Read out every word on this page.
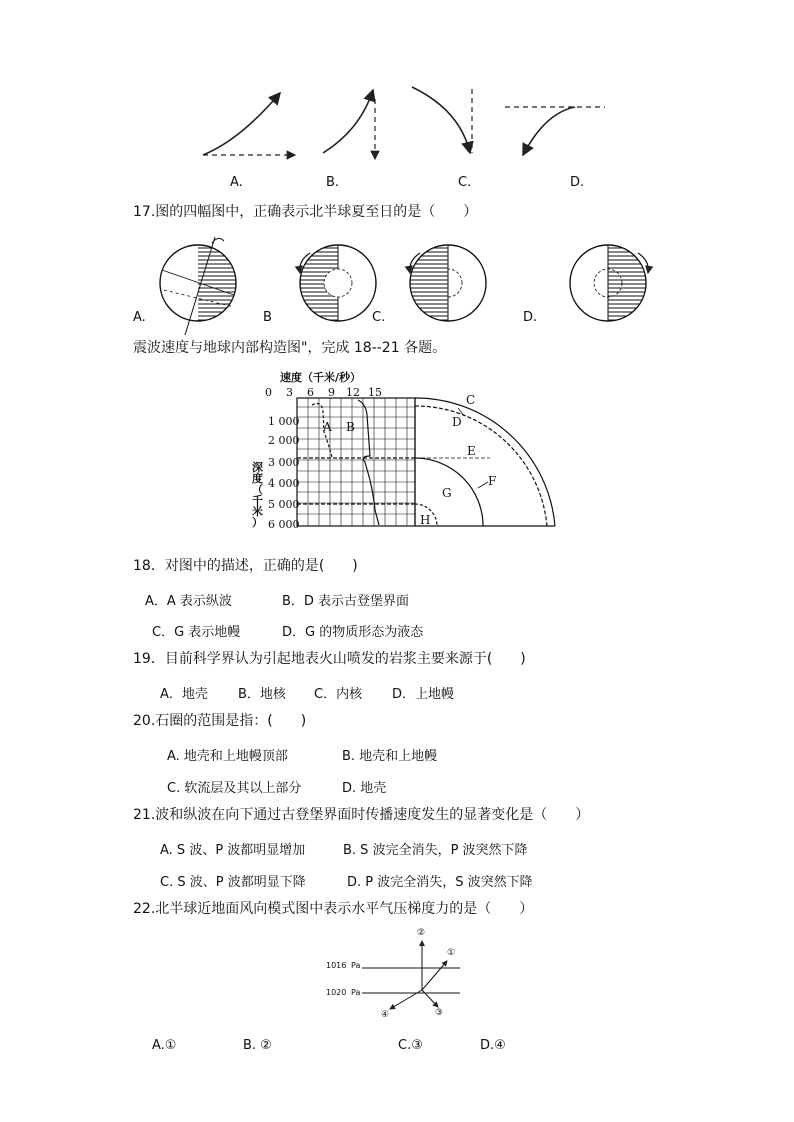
A.	B.	C.	D.
17.图的四幅图中，正确表示北半球夏至日的是（　　）
A.	B	C.	D.
震波速度与地球内部构造图"，完成 18--21 各题。
速度（千米/秒）
0 3 6 9 12 15
1 000
2 000
3 000
4 000
5 000
6 000
深
度
（
千
米
）
A B
C
D
E
F
G
H
18．对图中的描述，正确的是(　　)
A．A 表示纵波	B．D 表示古登堡界面
C．G 表示地幔	D．G 的物质形态为液态
19．目前科学界认为引起地表火山喷发的岩浆主要来源于(　　)
A．地壳 B．地核 C．内核 D．上地幔
20.石圈的范围是指：(　　)
A. 地壳和上地幔顶部	B. 地壳和上地幔
C. 软流层及其以上部分	D. 地壳
21.波和纵波在向下通过古登堡界面时传播速度发生的显著变化是（　　）
A. S 波、P 波都明显增加	B. S 波完全消失，P 波突然下降
C. S 波、P 波都明显下降	D. P 波完全消失，S 波突然下降
22.北半球近地面风向模式图中表示水平气压梯度力的是（　　）
1016 Pa
1020 Pa
②
①
④	③
A.①	B. ②	C.③	D.④
